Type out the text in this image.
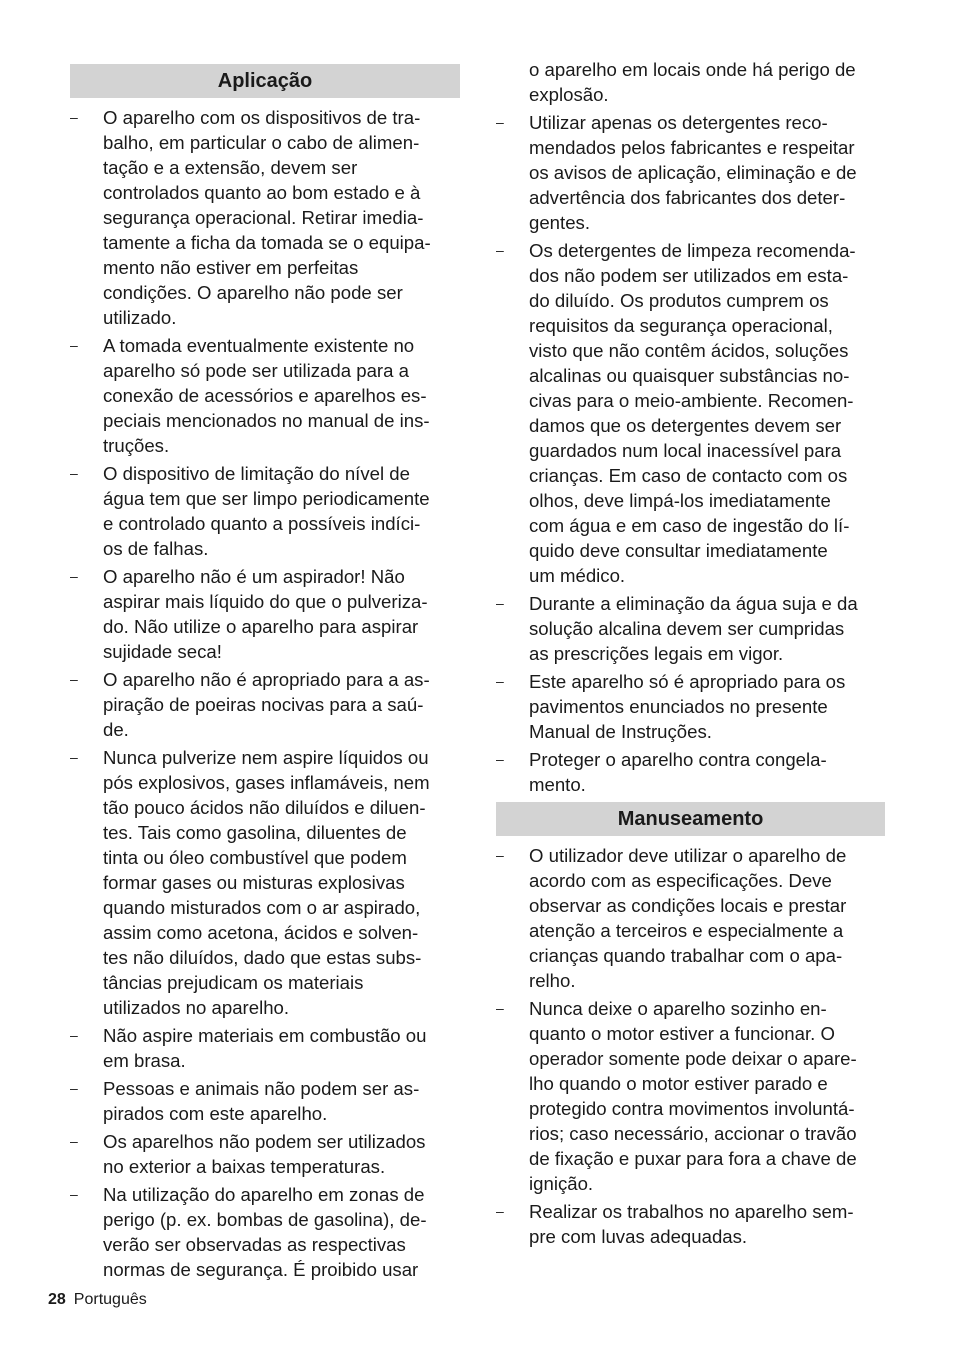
Aplicação
– O aparelho com os dispositivos de tra-
balho, em particular o cabo de alimen-
tação e a extensão, devem ser
controlados quanto ao bom estado e à
segurança operacional. Retirar imedia-
tamente a ficha da tomada se o equipa-
mento não estiver em perfeitas
condições. O aparelho não pode ser
utilizado.
– A tomada eventualmente existente no
aparelho só pode ser utilizada para a
conexão de acessórios e aparelhos es-
peciais mencionados no manual de ins-
truções.
– O dispositivo de limitação do nível de
água tem que ser limpo periodicamente
e controlado quanto a possíveis indíci-
os de falhas.
– O aparelho não é um aspirador! Não
aspirar mais líquido do que o pulveriza-
do. Não utilize o aparelho para aspirar
sujidade seca!
– O aparelho não é apropriado para a as-
piração de poeiras nocivas para a saú-
de.
– Nunca pulverize nem aspire líquidos ou
pós explosivos, gases inflamáveis, nem
tão pouco ácidos não diluídos e diluen-
tes. Tais como gasolina, diluentes de
tinta ou óleo combustível que podem
formar gases ou misturas explosivas
quando misturados com o ar aspirado,
assim como acetona, ácidos e solven-
tes não diluídos, dado que estas subs-
tâncias prejudicam os materiais
utilizados no aparelho.
– Não aspire materiais em combustão ou
em brasa.
– Pessoas e animais não podem ser as-
pirados com este aparelho.
– Os aparelhos não podem ser utilizados
no exterior a baixas temperaturas.
– Na utilização do aparelho em zonas de
perigo (p. ex. bombas de gasolina), de-
verão ser observadas as respectivas
normas de segurança. É proibido usar
o aparelho em locais onde há perigo de
explosão.
– Utilizar apenas os detergentes reco-
mendados pelos fabricantes e respeitar
os avisos de aplicação, eliminação e de
advertência dos fabricantes dos deter-
gentes.
– Os detergentes de limpeza recomenda-
dos não podem ser utilizados em esta-
do diluído. Os produtos cumprem os
requisitos da segurança operacional,
visto que não contêm ácidos, soluções
alcalinas ou quaisquer substâncias no-
civas para o meio-ambiente. Recomen-
damos que os detergentes devem ser
guardados num local inacessível para
crianças. Em caso de contacto com os
olhos, deve limpá-los imediatamente
com água e em caso de ingestão do lí-
quido deve consultar imediatamente
um médico.
– Durante a eliminação da água suja e da
solução alcalina devem ser cumpridas
as prescrições legais em vigor.
– Este aparelho só é apropriado para os
pavimentos enunciados no presente
Manual de Instruções.
– Proteger o aparelho contra congela-
mento.
Manuseamento
– O utilizador deve utilizar o aparelho de
acordo com as especificações. Deve
observar as condições locais e prestar
atenção a terceiros e especialmente a
crianças quando trabalhar com o apa-
relho.
– Nunca deixe o aparelho sozinho en-
quanto o motor estiver a funcionar. O
operador somente pode deixar o apare-
lho quando o motor estiver parado e
protegido contra movimentos involuntá-
rios; caso necessário, accionar o travão
de fixação e puxar para fora a chave de
ignição.
– Realizar os trabalhos no aparelho sem-
pre com luvas adequadas.
28 Português
